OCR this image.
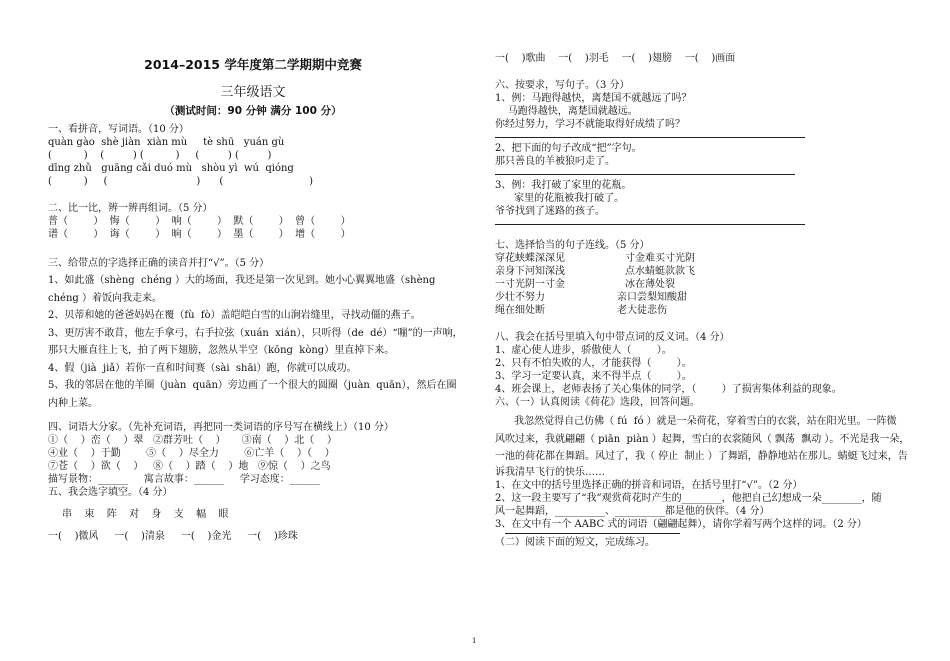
2014–2015 学年度第二学期期中竞赛
三年级语文
（测试时间：90 分钟 满分 100 分）
一、看拼音，写词语。（10 分）
quàn gào  shè jiàn  xiàn mù     tè shū   yuán gù
(          )    (         ) (          )     (         ) (         )
dīng zhǔ   guāng cǎi duó mù   shòu yì  wú  qióng
(          )     (                            )      (                           )
二、比一比，辨一辨再组词。（5 分）
普（        ）  悔（        ）  响（        ）  默（        ）  曾（        ）
谱（        ）  诲（        ）  晌（        ）  墨（        ）  增（        ）
三、给带点的字选择正确的读音并打“√”。（5 分）
1、如此盛（shèng  chéng ）大的场面，我还是第一次见到。她小心翼翼地盛（shèng
chéng ）着饭向我走来。
2、贝蒂和她的爸爸妈妈在覆（fù  fò）盖皑皑白雪的山涧岩缝里，寻找动僵的燕子。
3、更厉害不敢苜，他左手拿弓，右手拉弦（xuán  xián），只听得（de  dé）“嘣”的一声响，
那只大雁直往上飞，拍了两下翅膀，忽然从半空（kōng  kòng）里直掉下来。
4、假（jià  jiǎ）若你一直和时间赛（sài  shāi）跑，你就可以成功。
5、我的邻居在他的羊圈（juàn  quān）旁边画了一个很大的圆圈（juàn  quān），然后在圈
内种上菜。
四、词语大分家。（先补充词语，再把同一类词语的序号写在横线上）（10 分）
①（    ）峦（    ）翠   ②群芳吐（    ）     ③南（    ）北（    ）
④业（    ）于勤        ⑤（    ）尽全力        ⑥亡羊（    ）（    ）
⑦苍（    ）欲（    ）   ⑧（    ）踏（    ）地   ⑨惊（    ）之鸟
描写景物：______     寓言故事：______     学习态度：______
五、我会选字填空。（4 分）
串  束  阵  对  身  支  幅  眼
一(    )微风     一(    )清泉     一(    )金光     一(    )珍珠
一(    )歌曲    一(    )羽毛    一(    )翅膀    一(    )画面
六、按要求，写句子。（3 分）
1、例：马跑得越快，离楚国不就越远了吗？
马跑得越快，离楚国就越远。
你经过努力，学习不就能取得好成绩了吗？
2、把下面的句子改成“把”字句。
那只善良的羊被狼叼走了。
3、例：我打破了家里的花瓶。
家里的花瓶被我打破了。
爷爷找到了迷路的孩子。
七、选择恰当的句子连线。（5 分）
穿花蛱蝶深深见	寸金难买寸光阴
亲身下河知深浅	点水蜻蜓款款飞
一寸光阴一寸金	冰在薄处裂
少壮不努力	亲口尝梨知酸甜
绳在细处断	老大徒悲伤
八、我会在括号里填入句中带点词的反义词。（4 分）
1、虚心使人进步，骄傲使人（        ）。
2、只有不怕失败的人，才能获得（        ）。
3、学习一定要认真，来不得半点（        ）。
4、班会课上，老师表扬了关心集体的同学，（        ）了损害集体利益的现象。
六、（一）认真阅读《荷花》选段，回答问题。
我忽然觉得自己仿佛（ fú  fó ）就是一朵荷花，穿着雪白的衣裳，站在阳光里。一阵微
风吹过来，我就翩翩（ piān  piàn ）起舞，雪白的衣裳随风（ 飘荡  飘动 ）。不光是我一朵，
一池的荷花都在舞蹈。风过了，我（ 停止  制止 ）了舞蹈，静静地站在那儿。蜻蜓飞过来，告
诉我清早飞行的快乐……
1、在文中的括号里选择正确的拼音和词语，在括号里打“√”。（2 分）
2、这一段主要写了“我”观赏荷花时产生的________，他把自己幻想成一朵________，随
风一起舞蹈，__________、__________都是他的伙伴。（4 分）
3、在文中有一个 AABC 式的词语（翩翩起舞），请你学着写两个这样的词。（2 分）
（二）阅读下面的短文，完成练习。
1
